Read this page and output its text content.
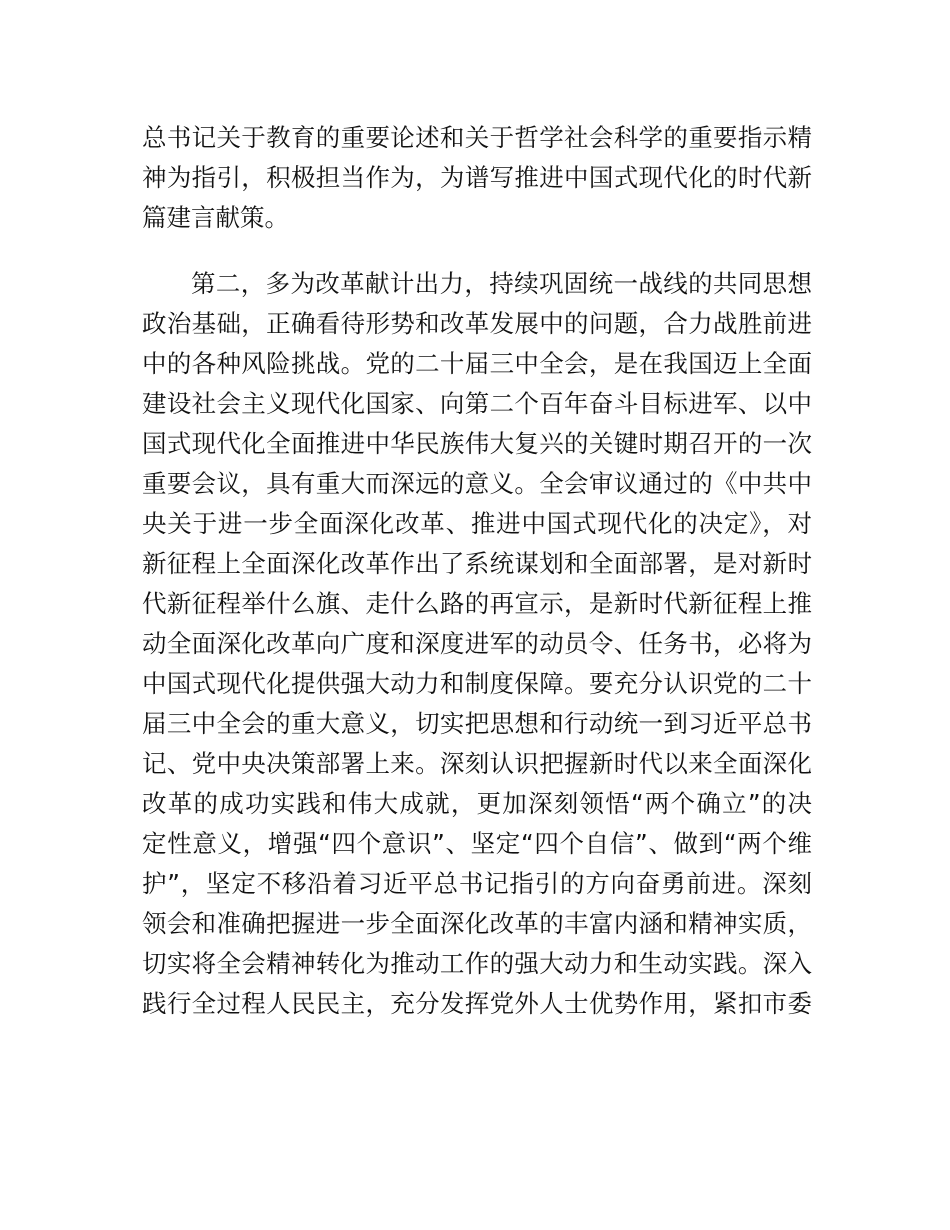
总书记关于教育的重要论述和关于哲学社会科学的重要指示精
神为指引，积极担当作为，为谱写推进中国式现代化的时代新
篇建言献策。
第二，多为改革献计出力，持续巩固统一战线的共同思想
政治基础，正确看待形势和改革发展中的问题，合力战胜前进
中的各种风险挑战。党的二十届三中全会，是在我国迈上全面
建设社会主义现代化国家、向第二个百年奋斗目标进军、以中
国式现代化全面推进中华民族伟大复兴的关键时期召开的一次
重要会议，具有重大而深远的意义。全会审议通过的《中共中
央关于进一步全面深化改革、推进中国式现代化的决定》，对
新征程上全面深化改革作出了系统谋划和全面部署，是对新时
代新征程举什么旗、走什么路的再宣示，是新时代新征程上推
动全面深化改革向广度和深度进军的动员令、任务书，必将为
中国式现代化提供强大动力和制度保障。要充分认识党的二十
届三中全会的重大意义，切实把思想和行动统一到习近平总书
记、党中央决策部署上来。深刻认识把握新时代以来全面深化
改革的成功实践和伟大成就，更加深刻领悟“两个确立”的决
定性意义，增强“四个意识”、坚定“四个自信”、做到“两个维
护”，坚定不移沿着习近平总书记指引的方向奋勇前进。深刻
领会和准确把握进一步全面深化改革的丰富内涵和精神实质，
切实将全会精神转化为推动工作的强大动力和生动实践。深入
践行全过程人民民主，充分发挥党外人士优势作用，紧扣市委
